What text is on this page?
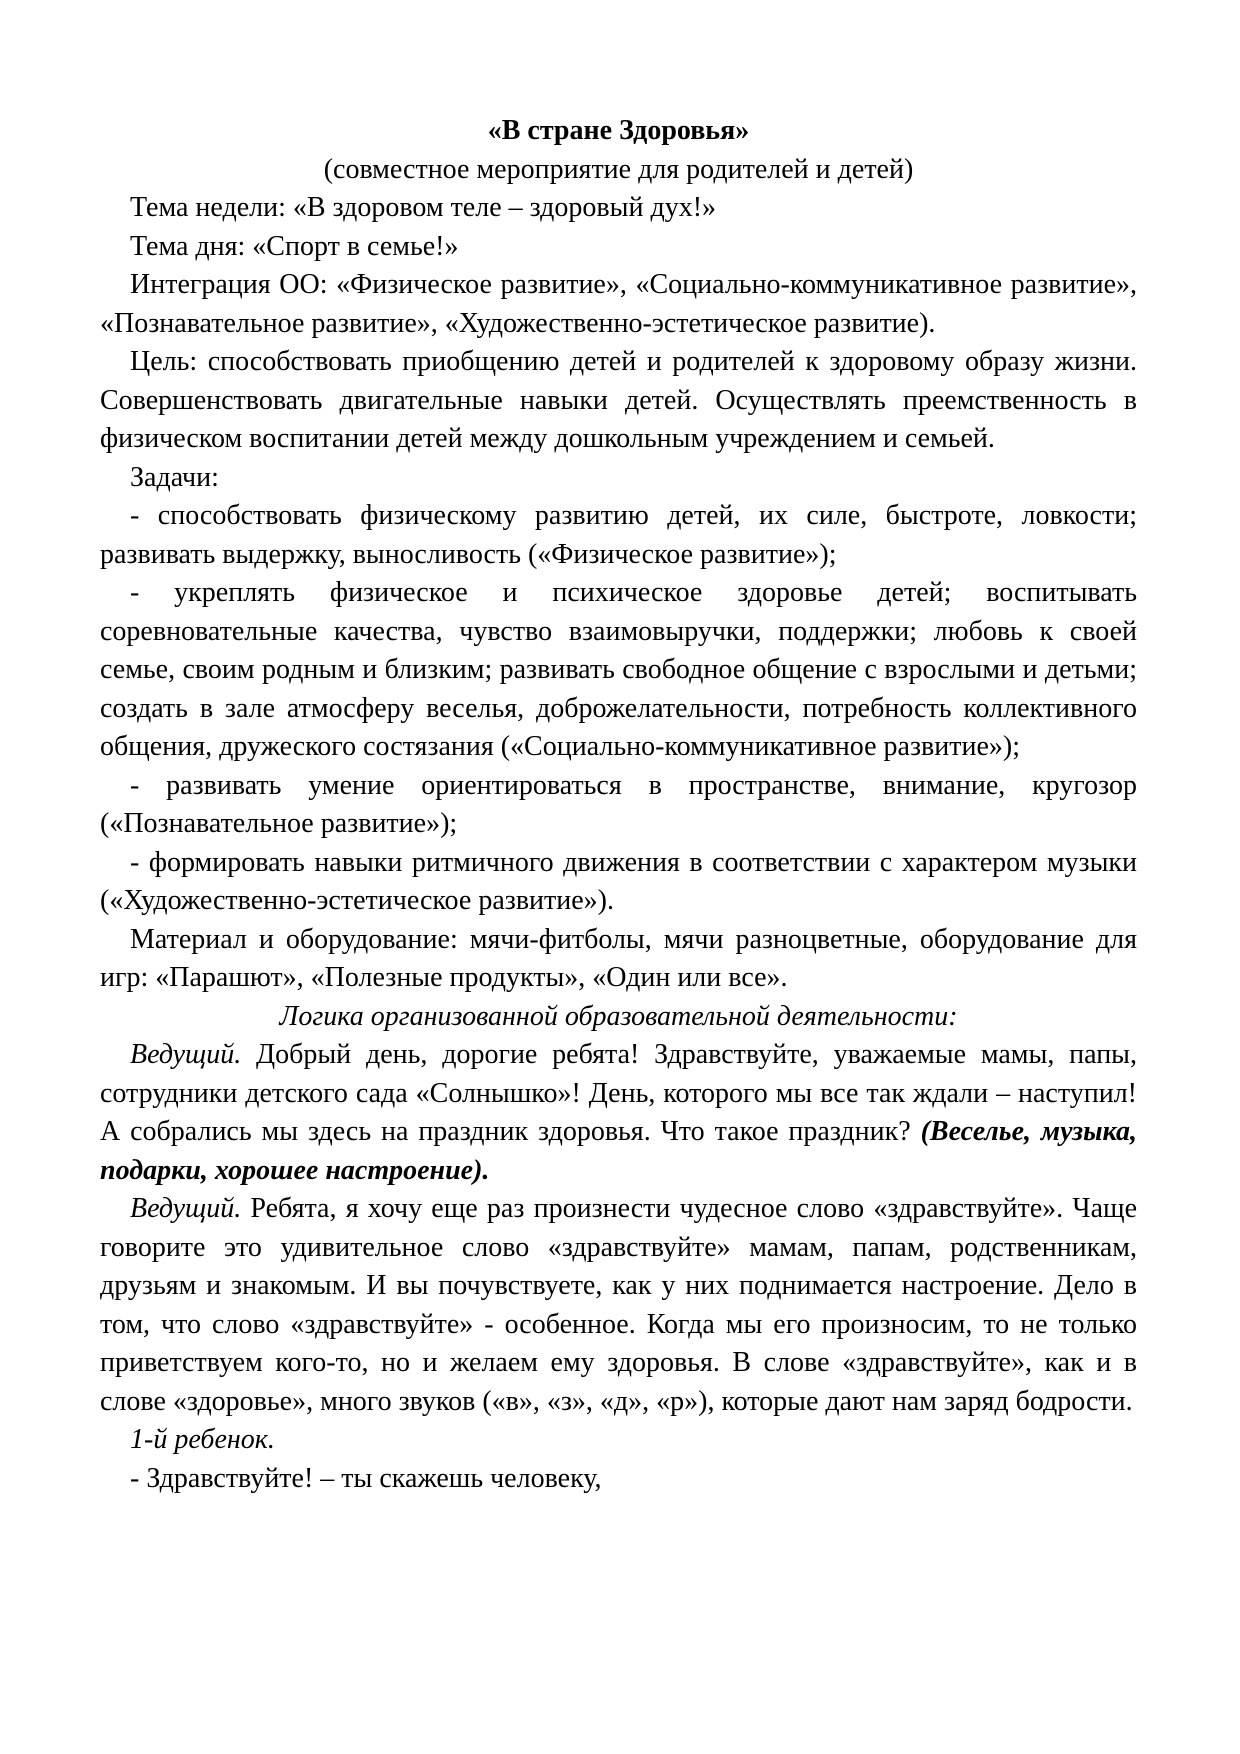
«В стране Здоровья»

(совместное мероприятие для родителей и детей)

Тема недели: «В здоровом теле – здоровый дух!»

Тема дня: «Спорт в семье!»

Интеграция ОО: «Физическое развитие», «Социально-коммуникативное развитие», «Познавательное развитие», «Художественно-эстетическое развитие).

Цель: способствовать приобщению детей и родителей к здоровому образу жизни. Совершенствовать двигательные навыки детей. Осуществлять преемственность в физическом воспитании детей между дошкольным учреждением и семьей.

Задачи:

- способствовать физическому развитию детей, их силе, быстроте, ловкости; развивать выдержку, выносливость («Физическое развитие»);

- укреплять физическое и психическое здоровье детей; воспитывать соревновательные качества, чувство взаимовыручки, поддержки; любовь к своей семье, своим родным и близким; развивать свободное общение с взрослыми и детьми; создать в зале атмосферу веселья, доброжелательности, потребность коллективного общения, дружеского состязания («Социально-коммуникативное развитие»);

- развивать умение ориентироваться в пространстве, внимание, кругозор («Познавательное развитие»);

- формировать навыки ритмичного движения в соответствии с характером музыки («Художественно-эстетическое развитие»).

Материал и оборудование: мячи-фитболы, мячи разноцветные, оборудование для игр: «Парашют», «Полезные продукты», «Один или все».

Логика организованной образовательной деятельности:

Ведущий. Добрый день, дорогие ребята! Здравствуйте, уважаемые мамы, папы, сотрудники детского сада «Солнышко»! День, которого мы все так ждали – наступил! А собрались мы здесь на праздник здоровья. Что такое праздник? (Веселье, музыка, подарки, хорошее настроение).

Ведущий. Ребята, я хочу еще раз произнести чудесное слово «здравствуйте». Чаще говорите это удивительное слово «здравствуйте» мамам, папам, родственникам, друзьям и знакомым. И вы почувствуете, как у них поднимается настроение. Дело в том, что слово «здравствуйте» - особенное. Когда мы его произносим, то не только приветствуем кого-то, но и желаем ему здоровья. В слове «здравствуйте», как и в слове «здоровье», много звуков («в», «з», «д», «р»), которые дают нам заряд бодрости.

1-й ребенок.

- Здравствуйте! – ты скажешь человеку,
